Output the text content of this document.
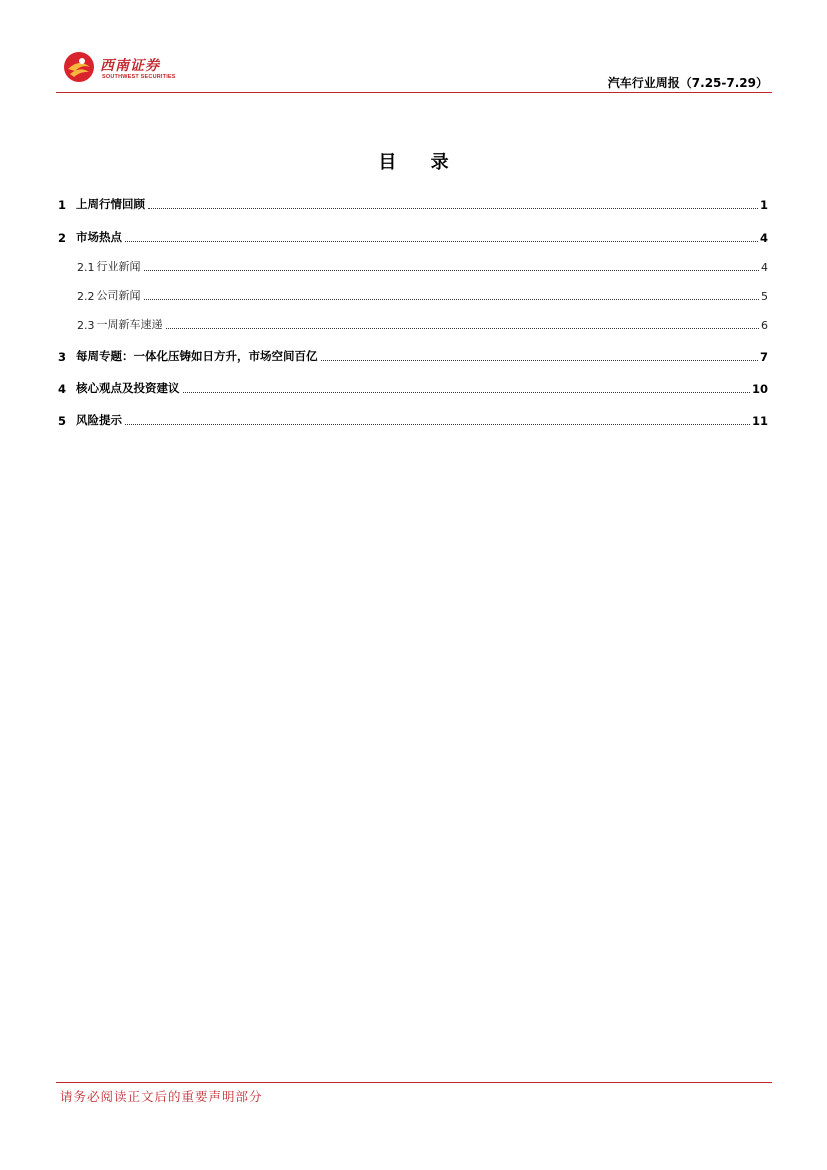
西南证券
SOUTHWEST SECURITIES	汽车行业周报（7.25-7.29）
目 录
1 上周行情回顾	1
2 市场热点	4
2.1 行业新闻	4
2.2 公司新闻	5
2.3 一周新车速递	6
3 每周专题：一体化压铸如日方升，市场空间百亿	7
4 核心观点及投资建议	10
5 风险提示	11
请务必阅读正文后的重要声明部分
